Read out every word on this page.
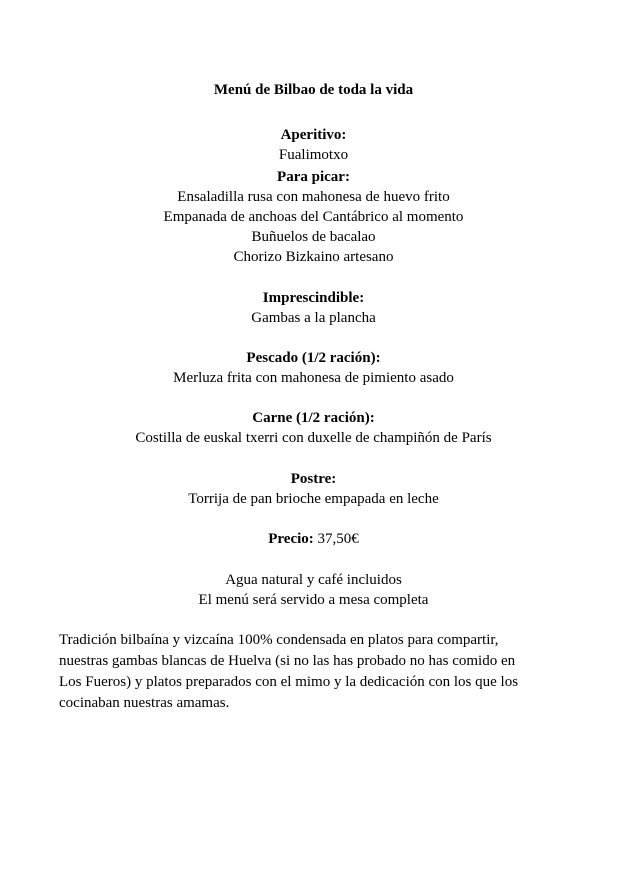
Menú de Bilbao de toda la vida
Aperitivo:
Fualimotxo
Para picar:
Ensaladilla rusa con mahonesa de huevo frito
Empanada de anchoas del Cantábrico al momento
Buñuelos de bacalao
Chorizo Bizkaino artesano
Imprescindible:
Gambas a la plancha
Pescado (1/2 ración):
Merluza frita con mahonesa de pimiento asado
Carne (1/2 ración):
Costilla de euskal txerri con duxelle de champiñón de París
Postre:
Torrija de pan brioche empapada en leche
Precio: 37,50€
Agua natural y café incluidos
El menú será servido a mesa completa
Tradición bilbaína y vizcaína 100% condensada en platos para compartir,
nuestras gambas blancas de Huelva (si no las has probado no has comido en
Los Fueros) y platos preparados con el mimo y la dedicación con los que los
cocinaban nuestras amamas.
